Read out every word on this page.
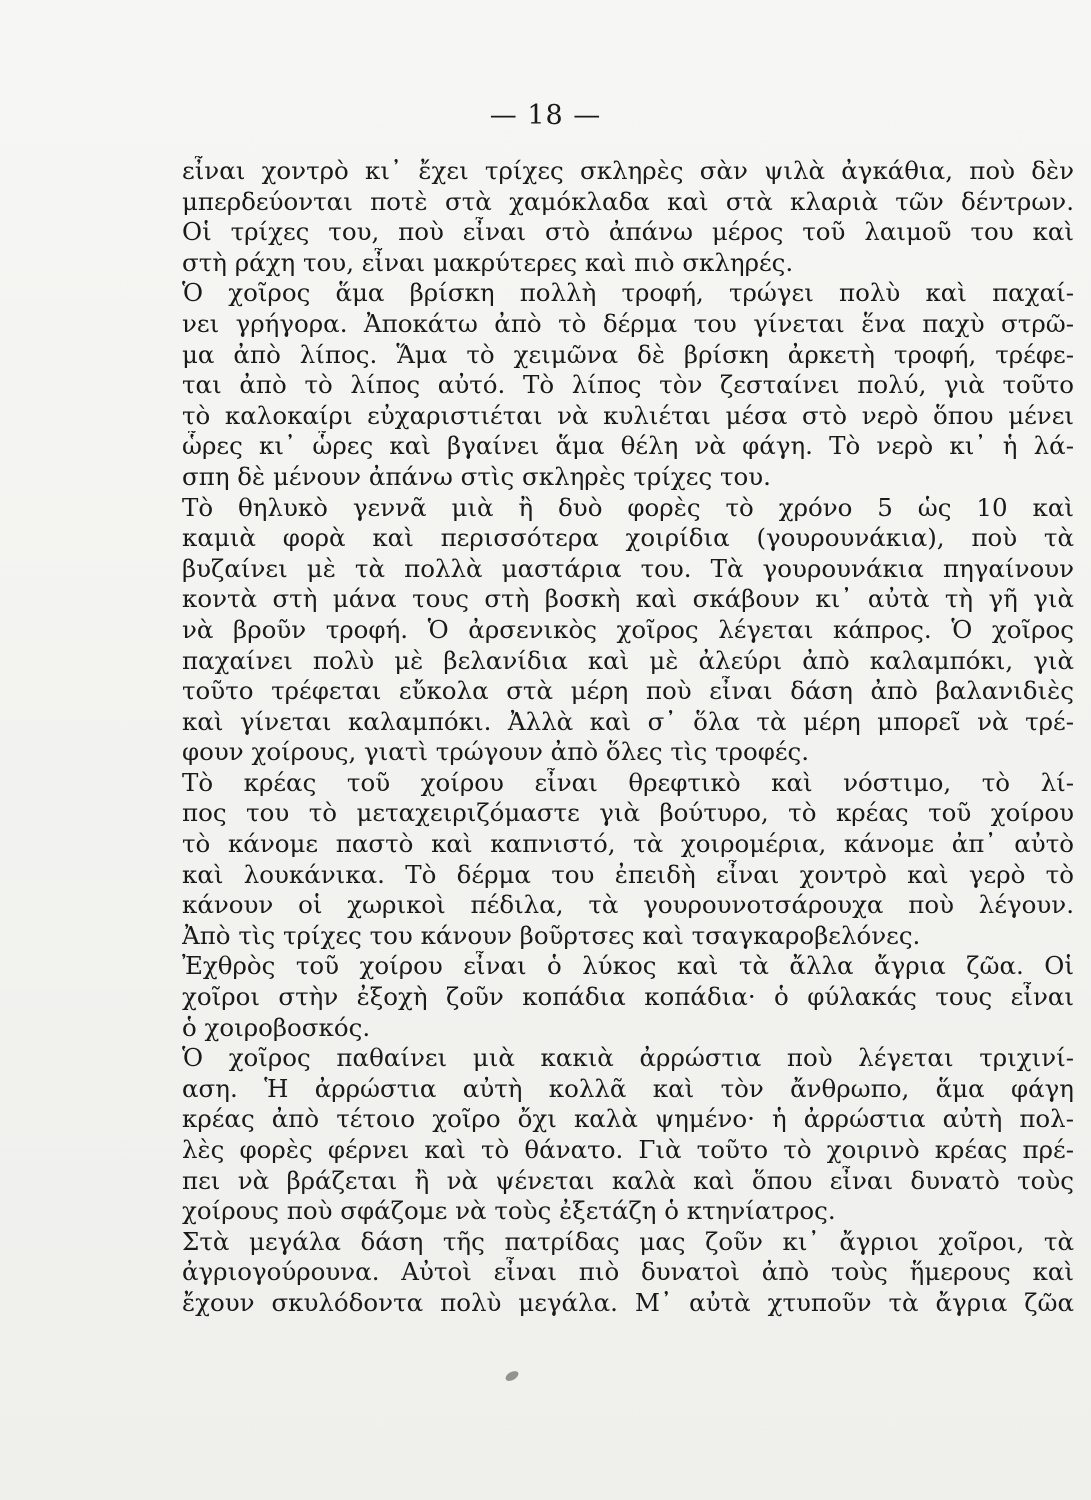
— 18 —
εἶναι χοντρὸ κι᾽ ἔχει τρίχες σκληρὲς σὰν ψιλὰ ἀγκάθια, ποὺ δὲν
μπερδεύονται ποτὲ στὰ χαμόκλαδα καὶ στὰ κλαριὰ τῶν δέντρων.
Οἱ τρίχες του, ποὺ εἶναι στὸ ἀπάνω μέρος τοῦ λαιμοῦ του καὶ
στὴ ράχη του, εἶναι μακρύτερες καὶ πιὸ σκληρές.
Ὁ χοῖρος ἅμα βρίσκη πολλὴ τροφή, τρώγει πολὺ καὶ παχαί-
νει γρήγορα. Ἀποκάτω ἀπὸ τὸ δέρμα του γίνεται ἕνα παχὺ στρῶ-
μα ἀπὸ λίπος. Ἅμα τὸ χειμῶνα δὲ βρίσκη ἀρκετὴ τροφή, τρέφε-
ται ἀπὸ τὸ λίπος αὐτό. Τὸ λίπος τὸν ζεσταίνει πολύ, γιὰ τοῦτο
τὸ καλοκαίρι εὐχαριστιέται νὰ κυλιέται μέσα στὸ νερὸ ὅπου μένει
ὧρες κι᾽ ὧρες καὶ βγαίνει ἅμα θέλη νὰ φάγη. Τὸ νερὸ κι᾽ ἡ λά-
σπη δὲ μένουν ἀπάνω στὶς σκληρὲς τρίχες του.
Τὸ θηλυκὸ γεννᾶ μιὰ ἢ δυὸ φορὲς τὸ χρόνο 5 ὡς 10 καὶ
καμιὰ φορὰ καὶ περισσότερα χοιρίδια (γουρουνάκια), ποὺ τὰ
βυζαίνει μὲ τὰ πολλὰ μαστάρια του. Τὰ γουρουνάκια πηγαίνουν
κοντὰ στὴ μάνα τους στὴ βοσκὴ καὶ σκάβουν κι᾽ αὐτὰ τὴ γῆ γιὰ
νὰ βροῦν τροφή. Ὁ ἀρσενικὸς χοῖρος λέγεται κάπρος. Ὁ χοῖρος
παχαίνει πολὺ μὲ βελανίδια καὶ μὲ ἀλεύρι ἀπὸ καλαμπόκι, γιὰ
τοῦτο τρέφεται εὔκολα στὰ μέρη ποὺ εἶναι δάση ἀπὸ βαλανιδιὲς
καὶ γίνεται καλαμπόκι. Ἀλλὰ καὶ σ᾽ ὅλα τὰ μέρη μπορεῖ νὰ τρέ-
φουν χοίρους, γιατὶ τρώγουν ἀπὸ ὅλες τὶς τροφές.
Τὸ κρέας τοῦ χοίρου εἶναι θρεφτικὸ καὶ νόστιμο, τὸ λί-
πος του τὸ μεταχειριζόμαστε γιὰ βούτυρο, τὸ κρέας τοῦ χοίρου
τὸ κάνομε παστὸ καὶ καπνιστό, τὰ χοιρομέρια, κάνομε ἀπ᾽ αὐτὸ
καὶ λουκάνικα. Τὸ δέρμα του ἐπειδὴ εἶναι χοντρὸ καὶ γερὸ τὸ
κάνουν οἱ χωρικοὶ πέδιλα, τὰ γουρουνοτσάρουχα ποὺ λέγουν.
Ἀπὸ τὶς τρίχες του κάνουν βοῦρτσες καὶ τσαγκαροβελόνες.
Ἐχθρὸς τοῦ χοίρου εἶναι ὁ λύκος καὶ τὰ ἄλλα ἄγρια ζῶα. Οἱ
χοῖροι στὴν ἐξοχὴ ζοῦν κοπάδια κοπάδια· ὁ φύλακάς τους εἶναι
ὁ χοιροβοσκός.
Ὁ χοῖρος παθαίνει μιὰ κακιὰ ἀρρώστια ποὺ λέγεται τριχινί-
αση. Ἡ ἀρρώστια αὐτὴ κολλᾶ καὶ τὸν ἄνθρωπο, ἅμα φάγη
κρέας ἀπὸ τέτοιο χοῖρο ὄχι καλὰ ψημένο· ἡ ἀρρώστια αὐτὴ πολ-
λὲς φορὲς φέρνει καὶ τὸ θάνατο. Γιὰ τοῦτο τὸ χοιρινὸ κρέας πρέ-
πει νὰ βράζεται ἢ νὰ ψένεται καλὰ καὶ ὅπου εἶναι δυνατὸ τοὺς
χοίρους ποὺ σφάζομε νὰ τοὺς ἐξετάζη ὁ κτηνίατρος.
Στὰ μεγάλα δάση τῆς πατρίδας μας ζοῦν κι᾽ ἄγριοι χοῖροι, τὰ
ἀγριογούρουνα. Αὐτοὶ εἶναι πιὸ δυνατοὶ ἀπὸ τοὺς ἥμερους καὶ
ἔχουν σκυλόδοντα πολὺ μεγάλα. Μ᾽ αὐτὰ χτυποῦν τὰ ἄγρια ζῶα
